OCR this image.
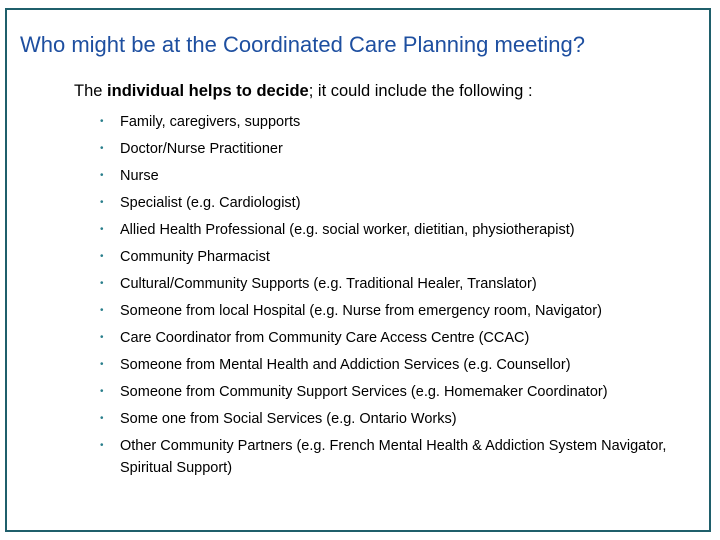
Who might be at the Coordinated Care Planning meeting?

The individual helps to decide; it could include the following :

• Family, caregivers, supports
• Doctor/Nurse Practitioner
• Nurse
• Specialist (e.g. Cardiologist)
• Allied Health Professional (e.g. social worker, dietitian, physiotherapist)
• Community Pharmacist
• Cultural/Community Supports (e.g. Traditional Healer, Translator)
• Someone from local Hospital (e.g. Nurse from emergency room, Navigator)
• Care Coordinator from Community Care Access Centre (CCAC)
• Someone from Mental Health and Addiction Services (e.g. Counsellor)
• Someone from Community Support Services (e.g. Homemaker Coordinator)
• Some one from Social Services (e.g. Ontario Works)
• Other Community Partners (e.g. French Mental Health & Addiction System Navigator, Spiritual Support)
